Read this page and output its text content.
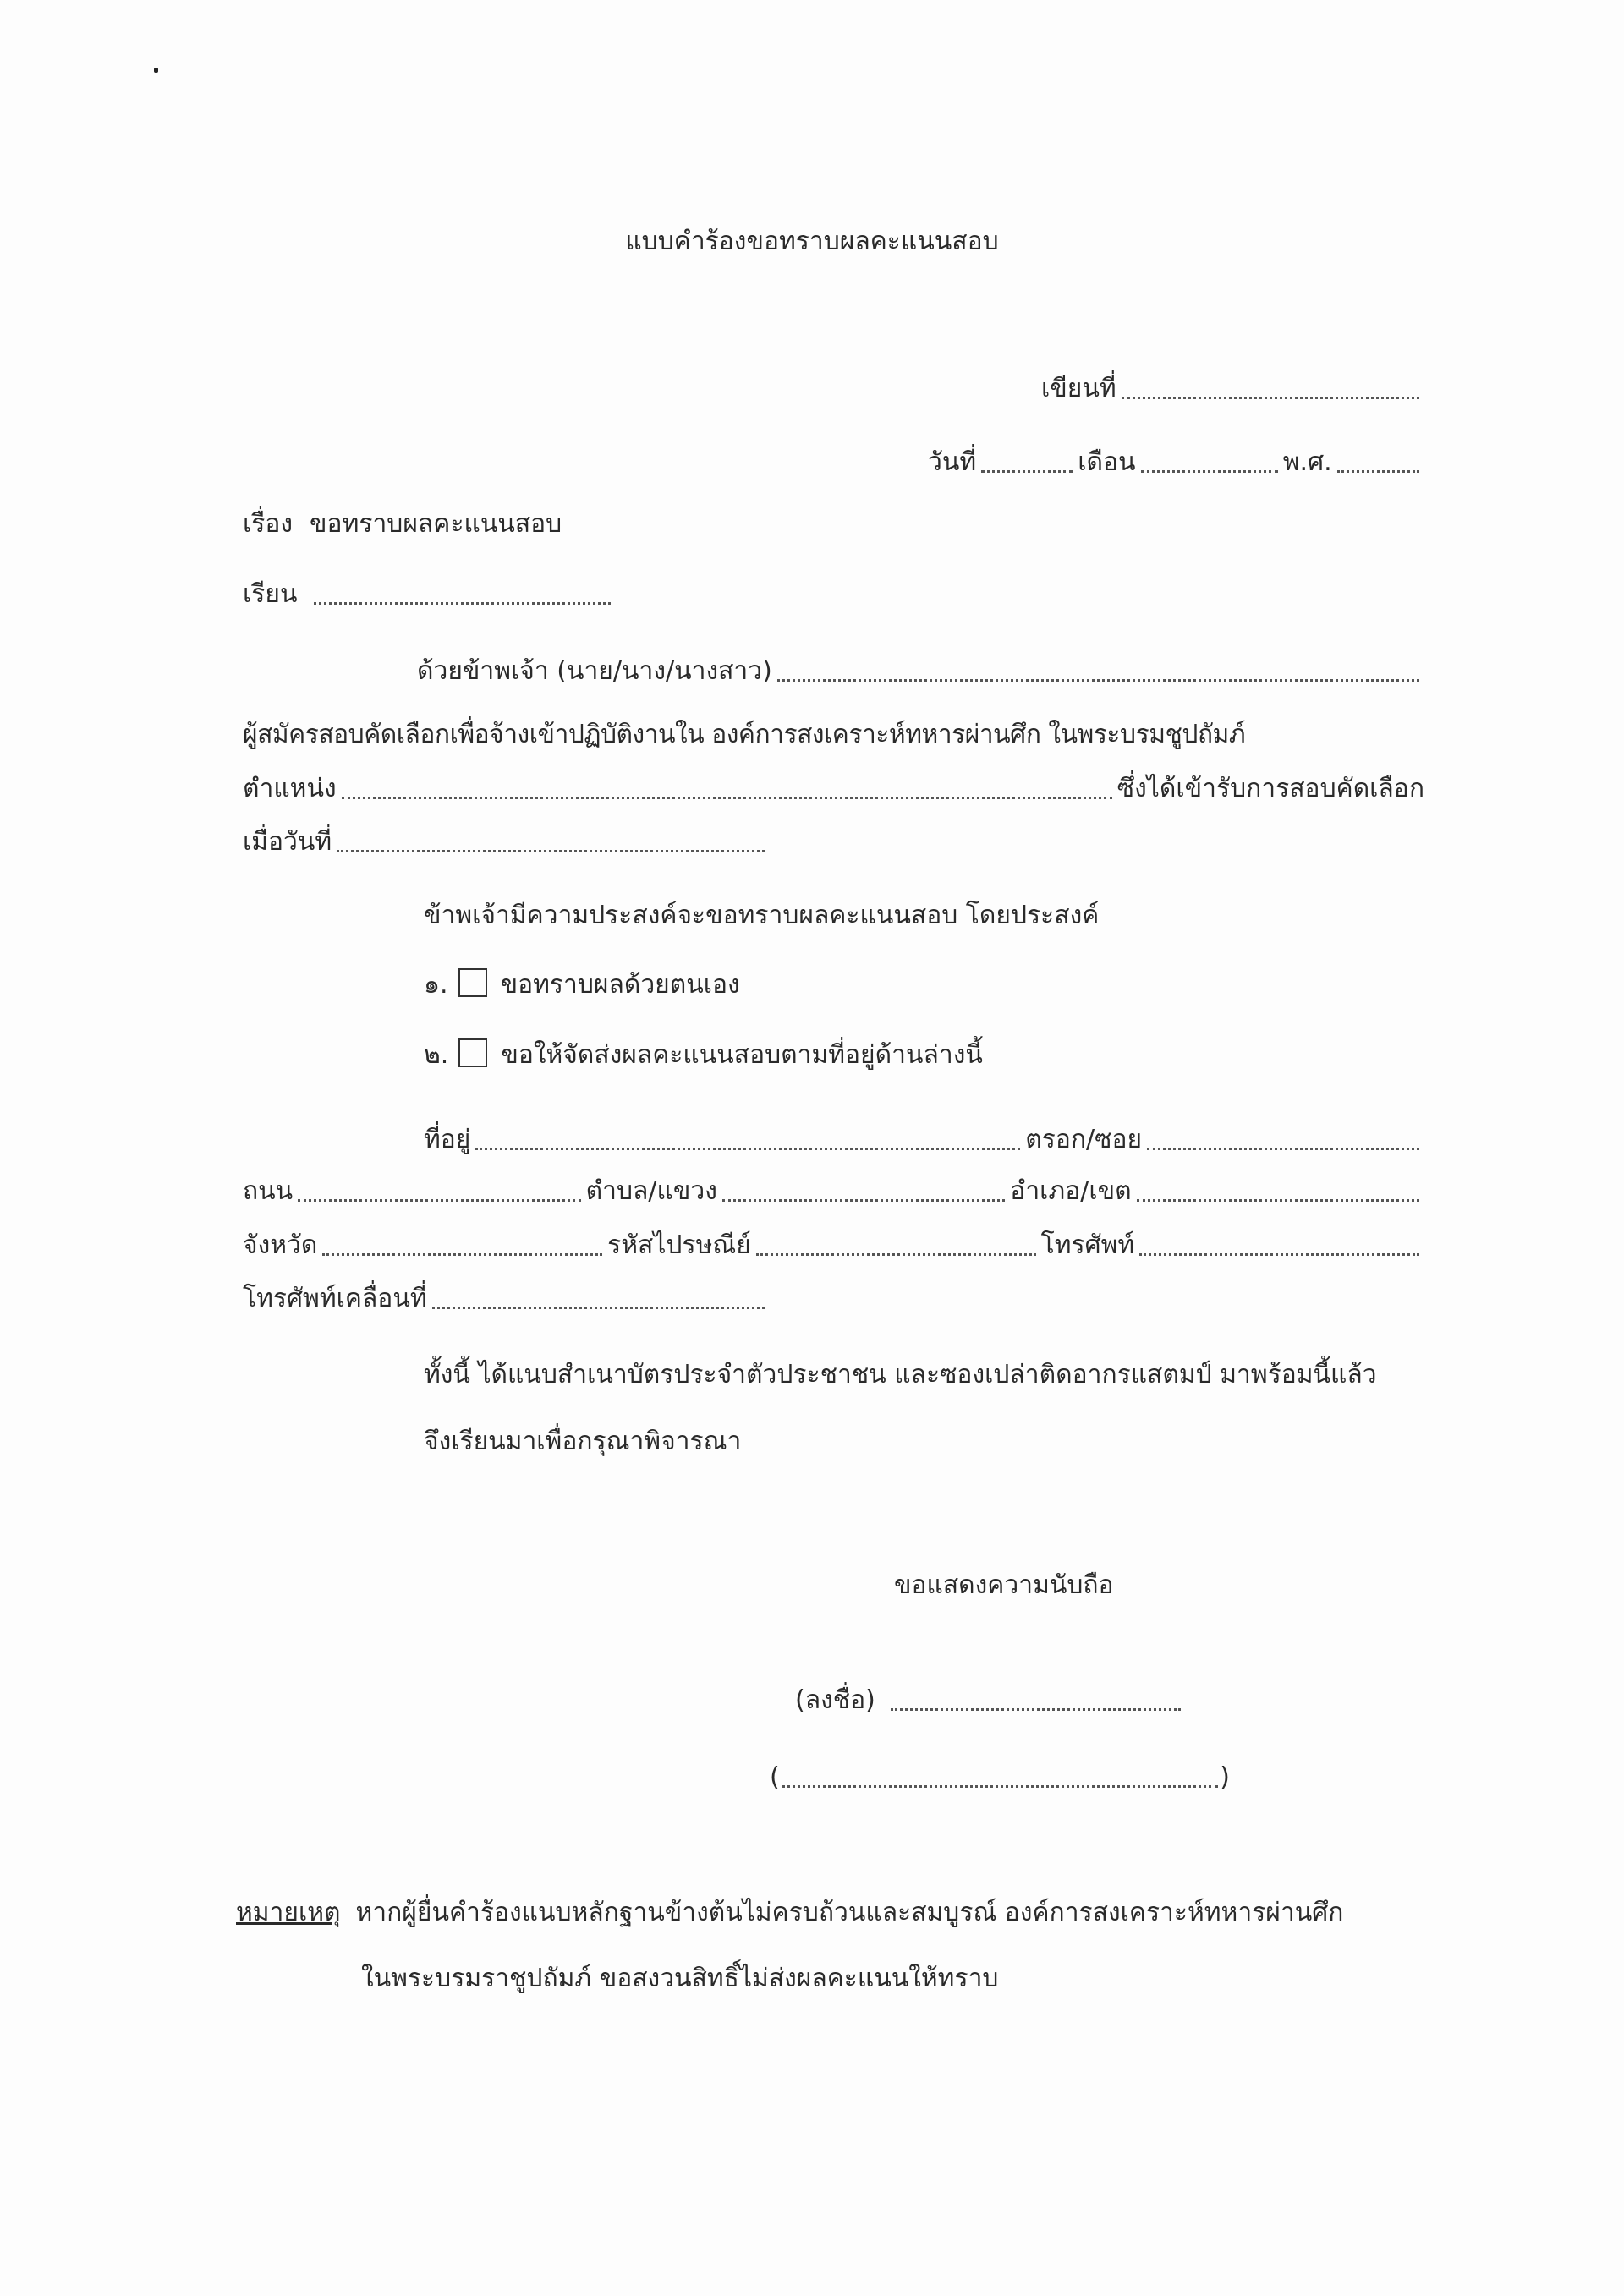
แบบคำร้องขอทราบผลคะแนนสอบ
เขียนที่
วันที่	เดือน	พ.ศ.
เรื่อง ขอทราบผลคะแนนสอบ
เรียน
ด้วยข้าพเจ้า (นาย/นาง/นางสาว)
ผู้สมัครสอบคัดเลือกเพื่อจ้างเข้าปฏิบัติงานใน องค์การสงเคราะห์ทหารผ่านศึก ในพระบรมชูปถัมภ์
ตำแหน่ง	ซึ่งได้เข้ารับการสอบคัดเลือก
เมื่อวันที่
ข้าพเจ้ามีความประสงค์จะขอทราบผลคะแนนสอบ โดยประสงค์
๑. ขอทราบผลด้วยตนเอง
๒. ขอให้จัดส่งผลคะแนนสอบตามที่อยู่ด้านล่างนี้
ที่อยู่	ตรอก/ซอย
ถนน	ตำบล/แขวง	อำเภอ/เขต
จังหวัด	รหัสไปรษณีย์	โทรศัพท์
โทรศัพท์เคลื่อนที่
ทั้งนี้ ได้แนบสำเนาบัตรประจำตัวประชาชน และซองเปล่าติดอากรแสตมป์ มาพร้อมนี้แล้ว
จึงเรียนมาเพื่อกรุณาพิจารณา
ขอแสดงความนับถือ
(ลงชื่อ)
(	)
หมายเหตุ หากผู้ยื่นคำร้องแนบหลักฐานข้างต้นไม่ครบถ้วนและสมบูรณ์ องค์การสงเคราะห์ทหารผ่านศึก
ในพระบรมราชูปถัมภ์ ขอสงวนสิทธิ์ไม่ส่งผลคะแนนให้ทราบ
